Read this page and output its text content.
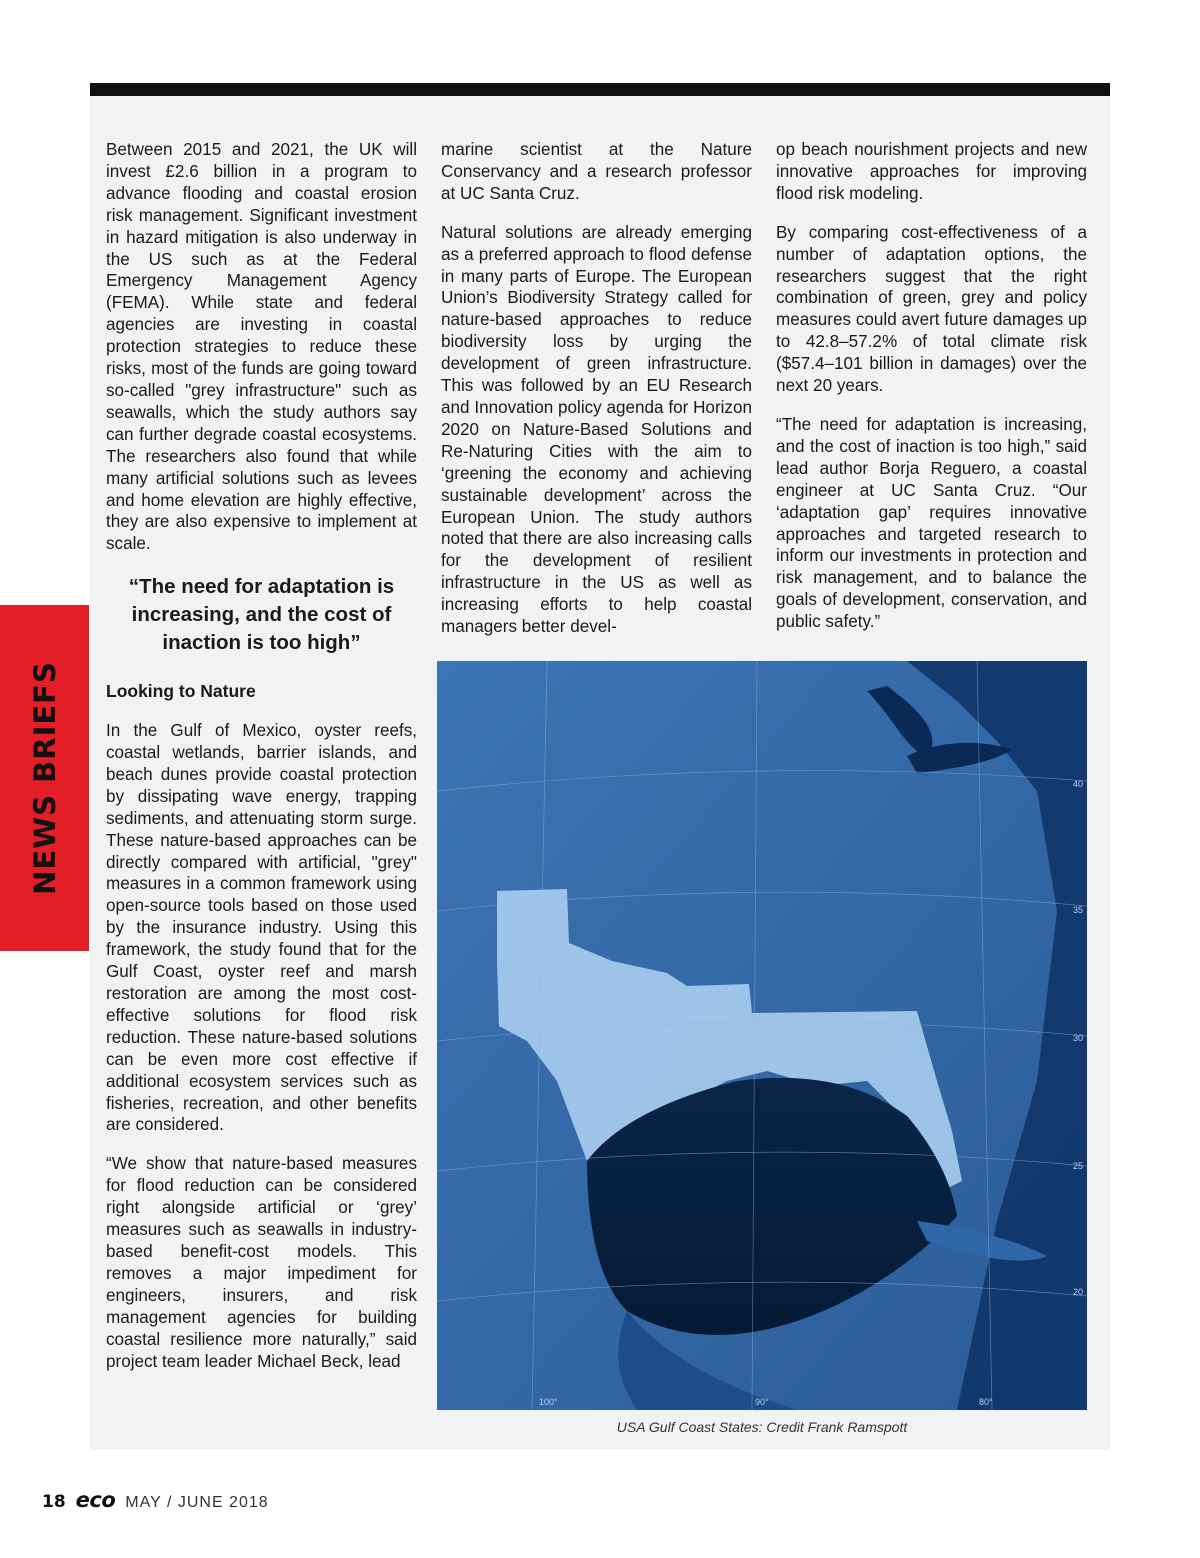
NEWS BRIEFS

Between 2015 and 2021, the UK will invest £2.6 billion in a program to advance flooding and coastal erosion risk management. Significant investment in hazard mitigation is also underway in the US such as at the Federal Emergency Management Agency (FEMA). While state and federal agencies are investing in coastal protection strategies to reduce these risks, most of the funds are going toward so-called "grey infrastructure" such as seawalls, which the study authors say can further degrade coastal ecosystems. The researchers also found that while many artificial solutions such as levees and home elevation are highly effective, they are also expensive to implement at scale.

“The need for adaptation is increasing, and the cost of inaction is too high”
Looking to Nature

In the Gulf of Mexico, oyster reefs, coastal wetlands, barrier islands, and beach dunes provide coastal protection by dissipating wave energy, trapping sediments, and attenuating storm surge. These nature-based approaches can be directly compared with artificial, "grey" measures in a common framework using open-source tools based on those used by the insurance industry. Using this framework, the study found that for the Gulf Coast, oyster reef and marsh restoration are among the most cost-effective solutions for flood risk reduction. These nature-based solutions can be even more cost effective if additional ecosystem services such as fisheries, recreation, and other benefits are considered.

“We show that nature-based measures for flood reduction can be considered right alongside artificial or ‘grey’ measures such as seawalls in industry-based benefit-cost models. This removes a major impediment for engineers, insurers, and risk management agencies for building coastal resilience more naturally,” said project team leader Michael Beck, lead

marine scientist at the Nature Conservancy and a research professor at UC Santa Cruz.

Natural solutions are already emerging as a preferred approach to flood defense in many parts of Europe. The European Union’s Biodiversity Strategy called for nature-based approaches to reduce biodiversity loss by urging the development of green infrastructure. This was followed by an EU Research and Innovation policy agenda for Horizon 2020 on Nature-Based Solutions and Re-Naturing Cities with the aim to ‘greening the economy and achieving sustainable development’ across the European Union. The study authors noted that there are also increasing calls for the development of resilient infrastructure in the US as well as increasing efforts to help coastal managers better devel-

op beach nourishment projects and new innovative approaches for improving flood risk modeling.

By comparing cost-effectiveness of a number of adaptation options, the researchers suggest that the right combination of green, grey and policy measures could avert future damages up to 42.8–57.2% of total climate risk ($57.4–101 billion in damages) over the next 20 years.

“The need for adaptation is increasing, and the cost of inaction is too high,” said lead author Borja Reguero, a coastal engineer at UC Santa Cruz. “Our ‘adaptation gap’ requires innovative approaches and targeted research to inform our investments in protection and risk management, and to balance the goals of development, conservation, and public safety.”

40
35
30
25
20
100°	90°	80°
USA Gulf Coast States: Credit Frank Ramspott
18 eco MAY / JUNE 2018
